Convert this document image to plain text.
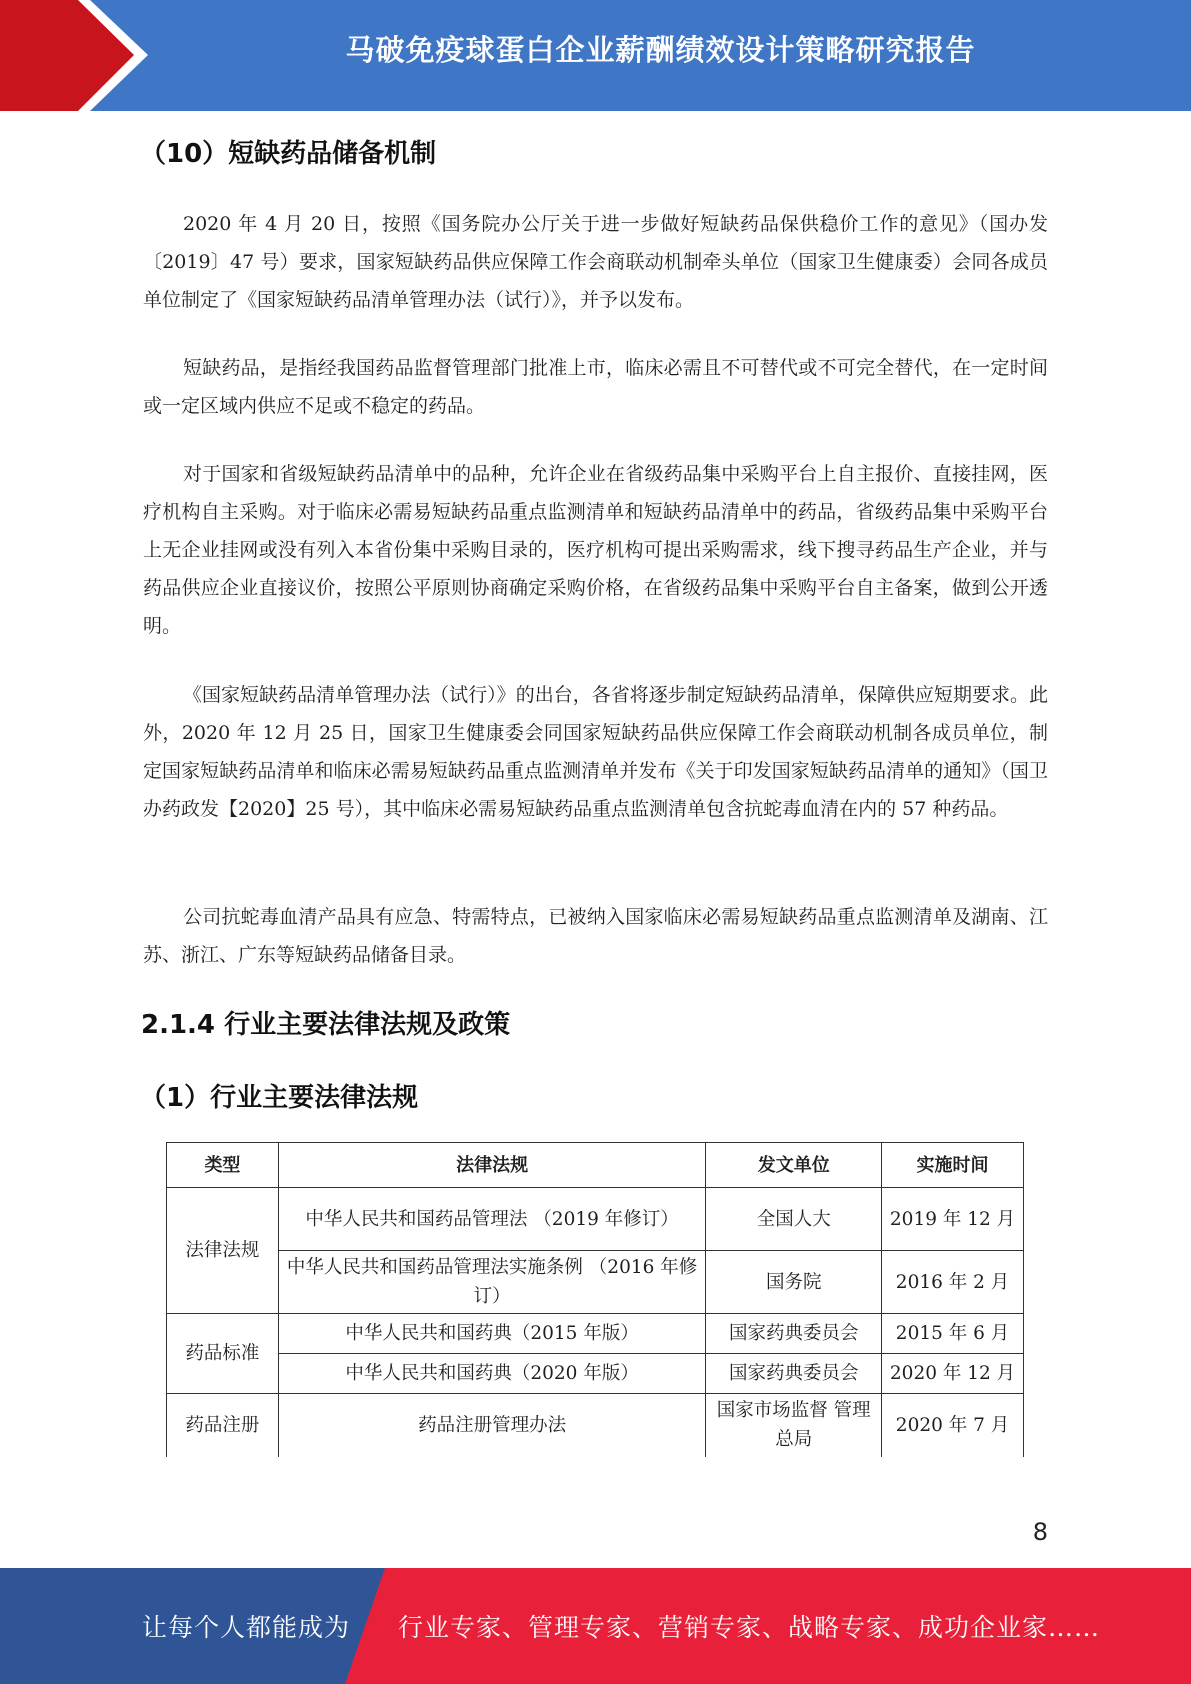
马破免疫球蛋白企业薪酬绩效设计策略研究报告
（10）短缺药品储备机制
2020 年 4 月 20 日，按照《国务院办公厅关于进一步做好短缺药品保供稳价工作的意见》（国办发〔2019〕47 号）要求，国家短缺药品供应保障工作会商联动机制牵头单位（国家卫生健康委）会同各成员单位制定了《国家短缺药品清单管理办法（试行）》，并予以发布。
短缺药品，是指经我国药品监督管理部门批准上市，临床必需且不可替代或不可完全替代，在一定时间或一定区域内供应不足或不稳定的药品。
对于国家和省级短缺药品清单中的品种，允许企业在省级药品集中采购平台上自主报价、直接挂网，医疗机构自主采购。对于临床必需易短缺药品重点监测清单和短缺药品清单中的药品，省级药品集中采购平台上无企业挂网或没有列入本省份集中采购目录的，医疗机构可提出采购需求，线下搜寻药品生产企业，并与药品供应企业直接议价，按照公平原则协商确定采购价格，在省级药品集中采购平台自主备案，做到公开透明。
《国家短缺药品清单管理办法（试行）》的出台，各省将逐步制定短缺药品清单，保障供应短期要求。此外，2020 年 12 月 25 日，国家卫生健康委会同国家短缺药品供应保障工作会商联动机制各成员单位，制定国家短缺药品清单和临床必需易短缺药品重点监测清单并发布《关于印发国家短缺药品清单的通知》（国卫办药政发【2020】25 号），其中临床必需易短缺药品重点监测清单包含抗蛇毒血清在内的 57 种药品。
公司抗蛇毒血清产品具有应急、特需特点，已被纳入国家临床必需易短缺药品重点监测清单及湖南、江苏、浙江、广东等短缺药品储备目录。
2.1.4 行业主要法律法规及政策
（1）行业主要法律法规
类型	法律法规	发文单位	实施时间
法律法规	中华人民共和国药品管理法 （2019 年修订）	全国人大	2019 年 12 月
	中华人民共和国药品管理法实施条例 （2016 年修订）	国务院	2016 年 2 月
药品标准	中华人民共和国药典（2015 年版）	国家药典委员会	2015 年 6 月
	中华人民共和国药典（2020 年版）	国家药典委员会	2020 年 12 月
药品注册	药品注册管理办法	国家市场监督 管理总局	2020 年 7 月
8
让每个人都能成为 行业专家、管理专家、营销专家、战略专家、成功企业家……
